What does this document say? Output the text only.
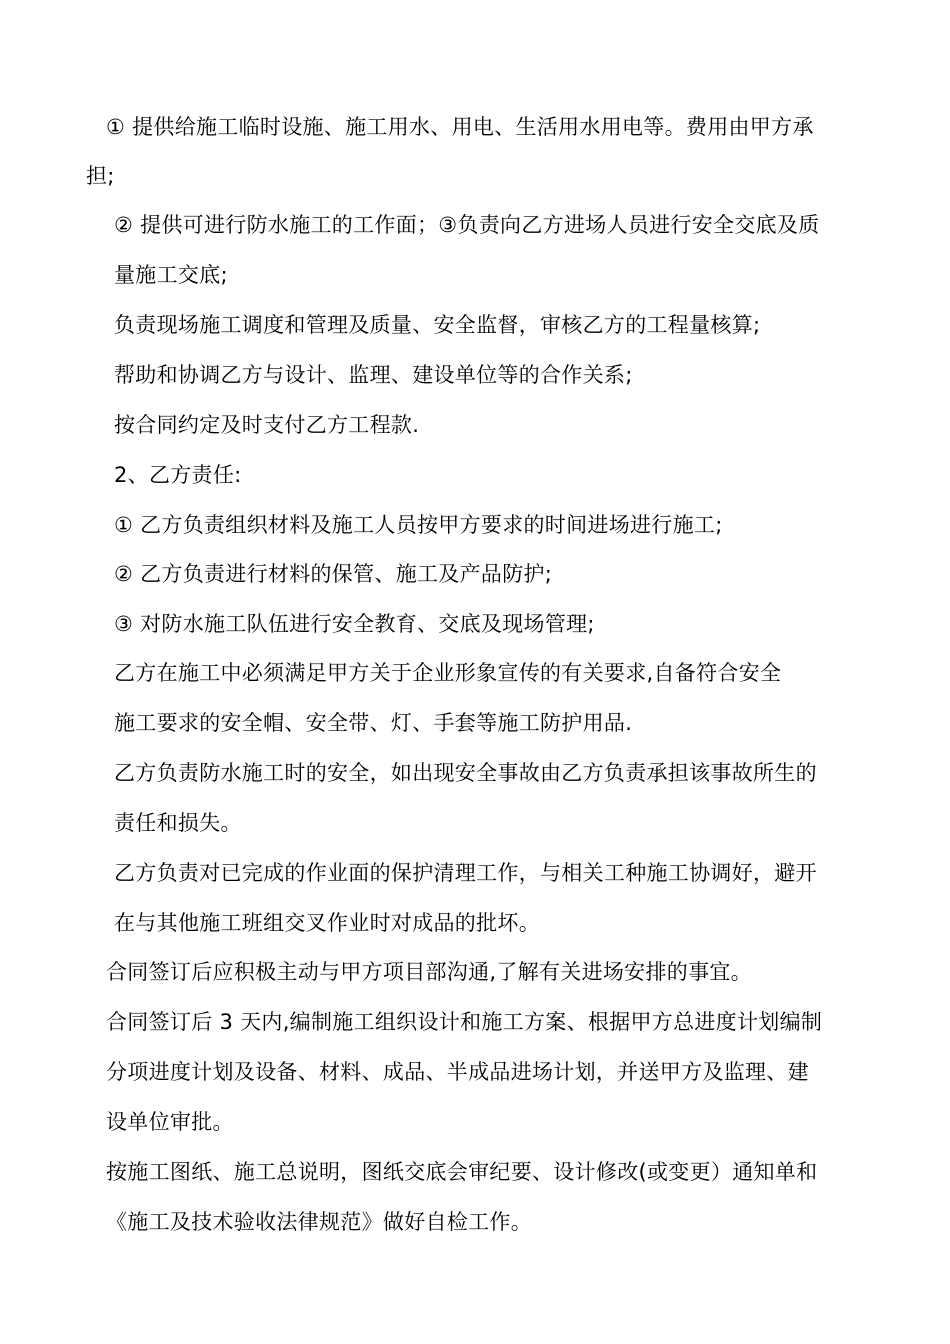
① 提供给施工临时设施、施工用水、用电、生活用水用电等。费用由甲方承
担;
② 提供可进行防水施工的工作面；③负责向乙方进场人员进行安全交底及质
量施工交底;
负责现场施工调度和管理及质量、安全监督，审核乙方的工程量核算;
帮助和协调乙方与设计、监理、建设单位等的合作关系;
按合同约定及时支付乙方工程款.
2、乙方责任:
① 乙方负责组织材料及施工人员按甲方要求的时间进场进行施工;
② 乙方负责进行材料的保管、施工及产品防护;
③ 对防水施工队伍进行安全教育、交底及现场管理;
乙方在施工中必须满足甲方关于企业形象宣传的有关要求,自备符合安全
施工要求的安全帽、安全带、灯、手套等施工防护用品.
乙方负责防水施工时的安全，如出现安全事故由乙方负责承担该事故所生的
责任和损失。
乙方负责对已完成的作业面的保护清理工作，与相关工种施工协调好，避开
在与其他施工班组交叉作业时对成品的批坏。
合同签订后应积极主动与甲方项目部沟通,了解有关进场安排的事宜。
合同签订后 3 天内,编制施工组织设计和施工方案、根据甲方总进度计划编制
分项进度计划及设备、材料、成品、半成品进场计划，并送甲方及监理、建
设单位审批。
按施工图纸、施工总说明，图纸交底会审纪要、设计修改(或变更）通知单和
《施工及技术验收法律规范》做好自检工作。
